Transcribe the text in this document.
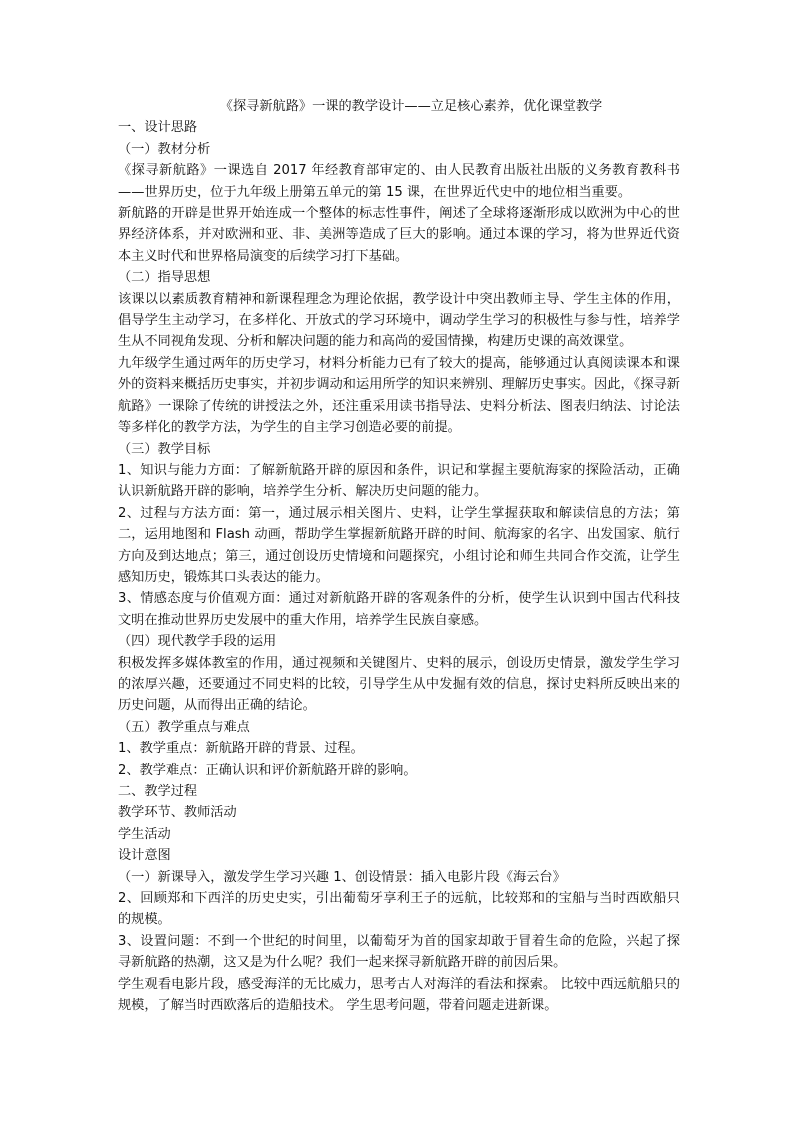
《探寻新航路》一课的教学设计——立足核心素养，优化课堂教学

一、设计思路

（一）教材分析

《探寻新航路》一课选自 2017 年经教育部审定的、由人民教育出版社出版的义务教育教科书——世界历史，位于九年级上册第五单元的第 15 课，在世界近代史中的地位相当重要。

新航路的开辟是世界开始连成一个整体的标志性事件，阐述了全球将逐渐形成以欧洲为中心的世界经济体系，并对欧洲和亚、非、美洲等造成了巨大的影响。通过本课的学习，将为世界近代资本主义时代和世界格局演变的后续学习打下基础。

（二）指导思想

该课以以素质教育精神和新课程理念为理论依据，教学设计中突出教师主导、学生主体的作用，倡导学生主动学习，在多样化、开放式的学习环境中，调动学生学习的积极性与参与性，培养学生从不同视角发现、分析和解决问题的能力和高尚的爱国情操，构建历史课的高效课堂。

九年级学生通过两年的历史学习，材料分析能力已有了较大的提高，能够通过认真阅读课本和课外的资料来概括历史事实，并初步调动和运用所学的知识来辨别、理解历史事实。因此，《探寻新航路》一课除了传统的讲授法之外，还注重采用读书指导法、史料分析法、图表归纳法、讨论法等多样化的教学方法，为学生的自主学习创造必要的前提。

（三）教学目标

1、知识与能力方面：了解新航路开辟的原因和条件，识记和掌握主要航海家的探险活动，正确认识新航路开辟的影响，培养学生分析、解决历史问题的能力。

2、过程与方法方面：第一，通过展示相关图片、史料，让学生掌握获取和解读信息的方法；第二，运用地图和 Flash 动画，帮助学生掌握新航路开辟的时间、航海家的名字、出发国家、航行方向及到达地点；第三，通过创设历史情境和问题探究，小组讨论和师生共同合作交流，让学生感知历史，锻炼其口头表达的能力。

3、情感态度与价值观方面：通过对新航路开辟的客观条件的分析，使学生认识到中国古代科技文明在推动世界历史发展中的重大作用，培养学生民族自豪感。

（四）现代教学手段的运用

积极发挥多媒体教室的作用，通过视频和关键图片、史料的展示，创设历史情景，激发学生学习的浓厚兴趣，还要通过不同史料的比较，引导学生从中发掘有效的信息，探讨史料所反映出来的历史问题，从而得出正确的结论。

（五）教学重点与难点

1、教学重点：新航路开辟的背景、过程。

2、教学难点：正确认识和评价新航路开辟的影响。

二、教学过程

教学环节、教师活动

学生活动

设计意图

（一）新课导入，激发学生学习兴趣 1、创设情景：插入电影片段《海云台》

2、回顾郑和下西洋的历史史实，引出葡萄牙享利王子的远航，比较郑和的宝船与当时西欧船只的规模。

3、设置问题：不到一个世纪的时间里，以葡萄牙为首的国家却敢于冒着生命的危险，兴起了探寻新航路的热潮，这又是为什么呢？我们一起来探寻新航路开辟的前因后果。

学生观看电影片段，感受海洋的无比威力，思考古人对海洋的看法和探索。 比较中西远航船只的规模，了解当时西欧落后的造船技术。 学生思考问题，带着问题走进新课。
